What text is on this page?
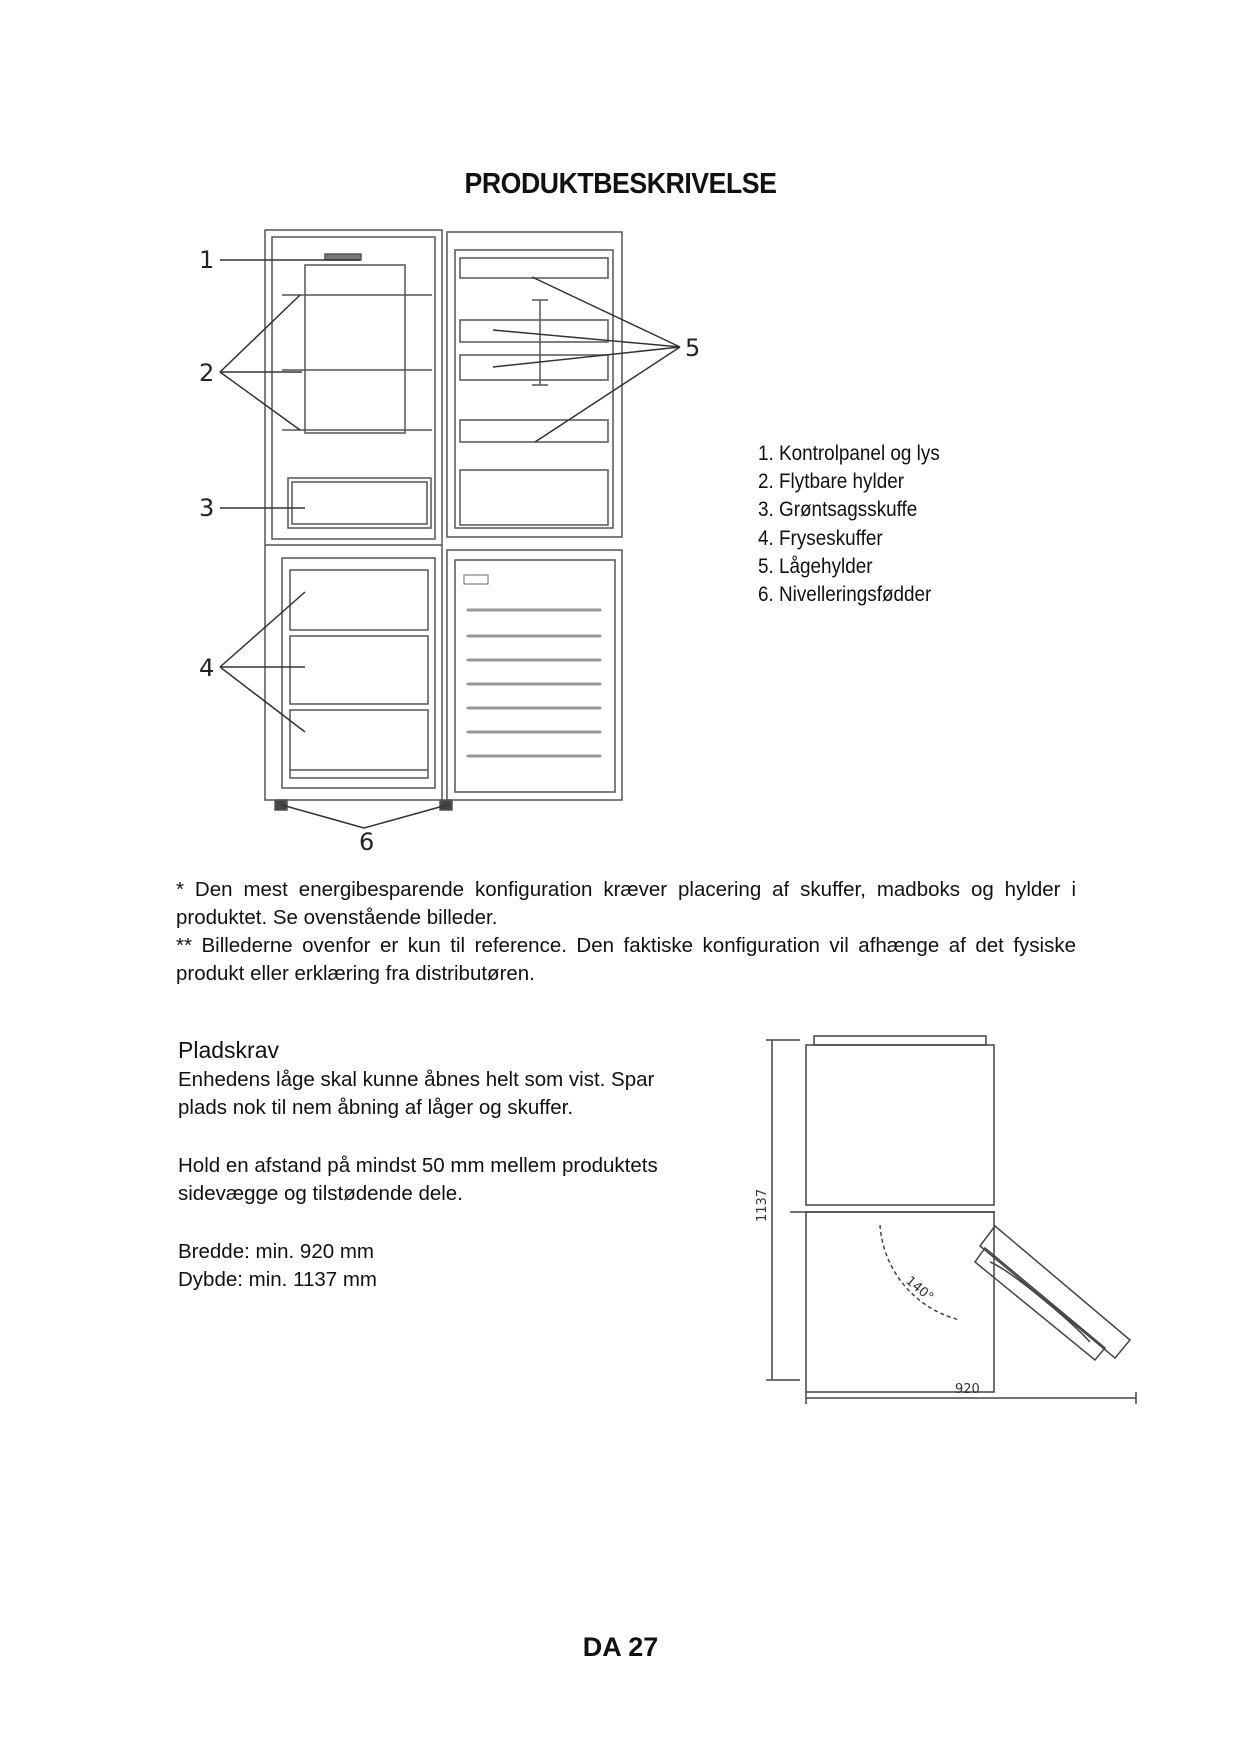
PRODUKTBESKRIVELSE
1
2
3
4
5
6
1. Kontrolpanel og lys
2. Flytbare hylder
3. Grøntsagsskuffe
4. Fryseskuffer
5. Lågehylder
6. Nivelleringsfødder

* Den mest energibesparende konfiguration kræver placering af skuffer, madboks og hylder i produktet. Se ovenstående billeder.

** Billederne ovenfor er kun til reference. Den faktiske konfiguration vil afhænge af det fysiske produkt eller erklæring fra distributøren.

Pladskrav

Enhedens låge skal kunne åbnes helt som vist. Spar plads nok til nem åbning af låger og skuffer.

Hold en afstand på mindst 50 mm mellem produktets sidevægge og tilstødende dele.

Bredde: min. 920 mm

Dybde: min. 1137 mm

1137
920
140°
DA 27
